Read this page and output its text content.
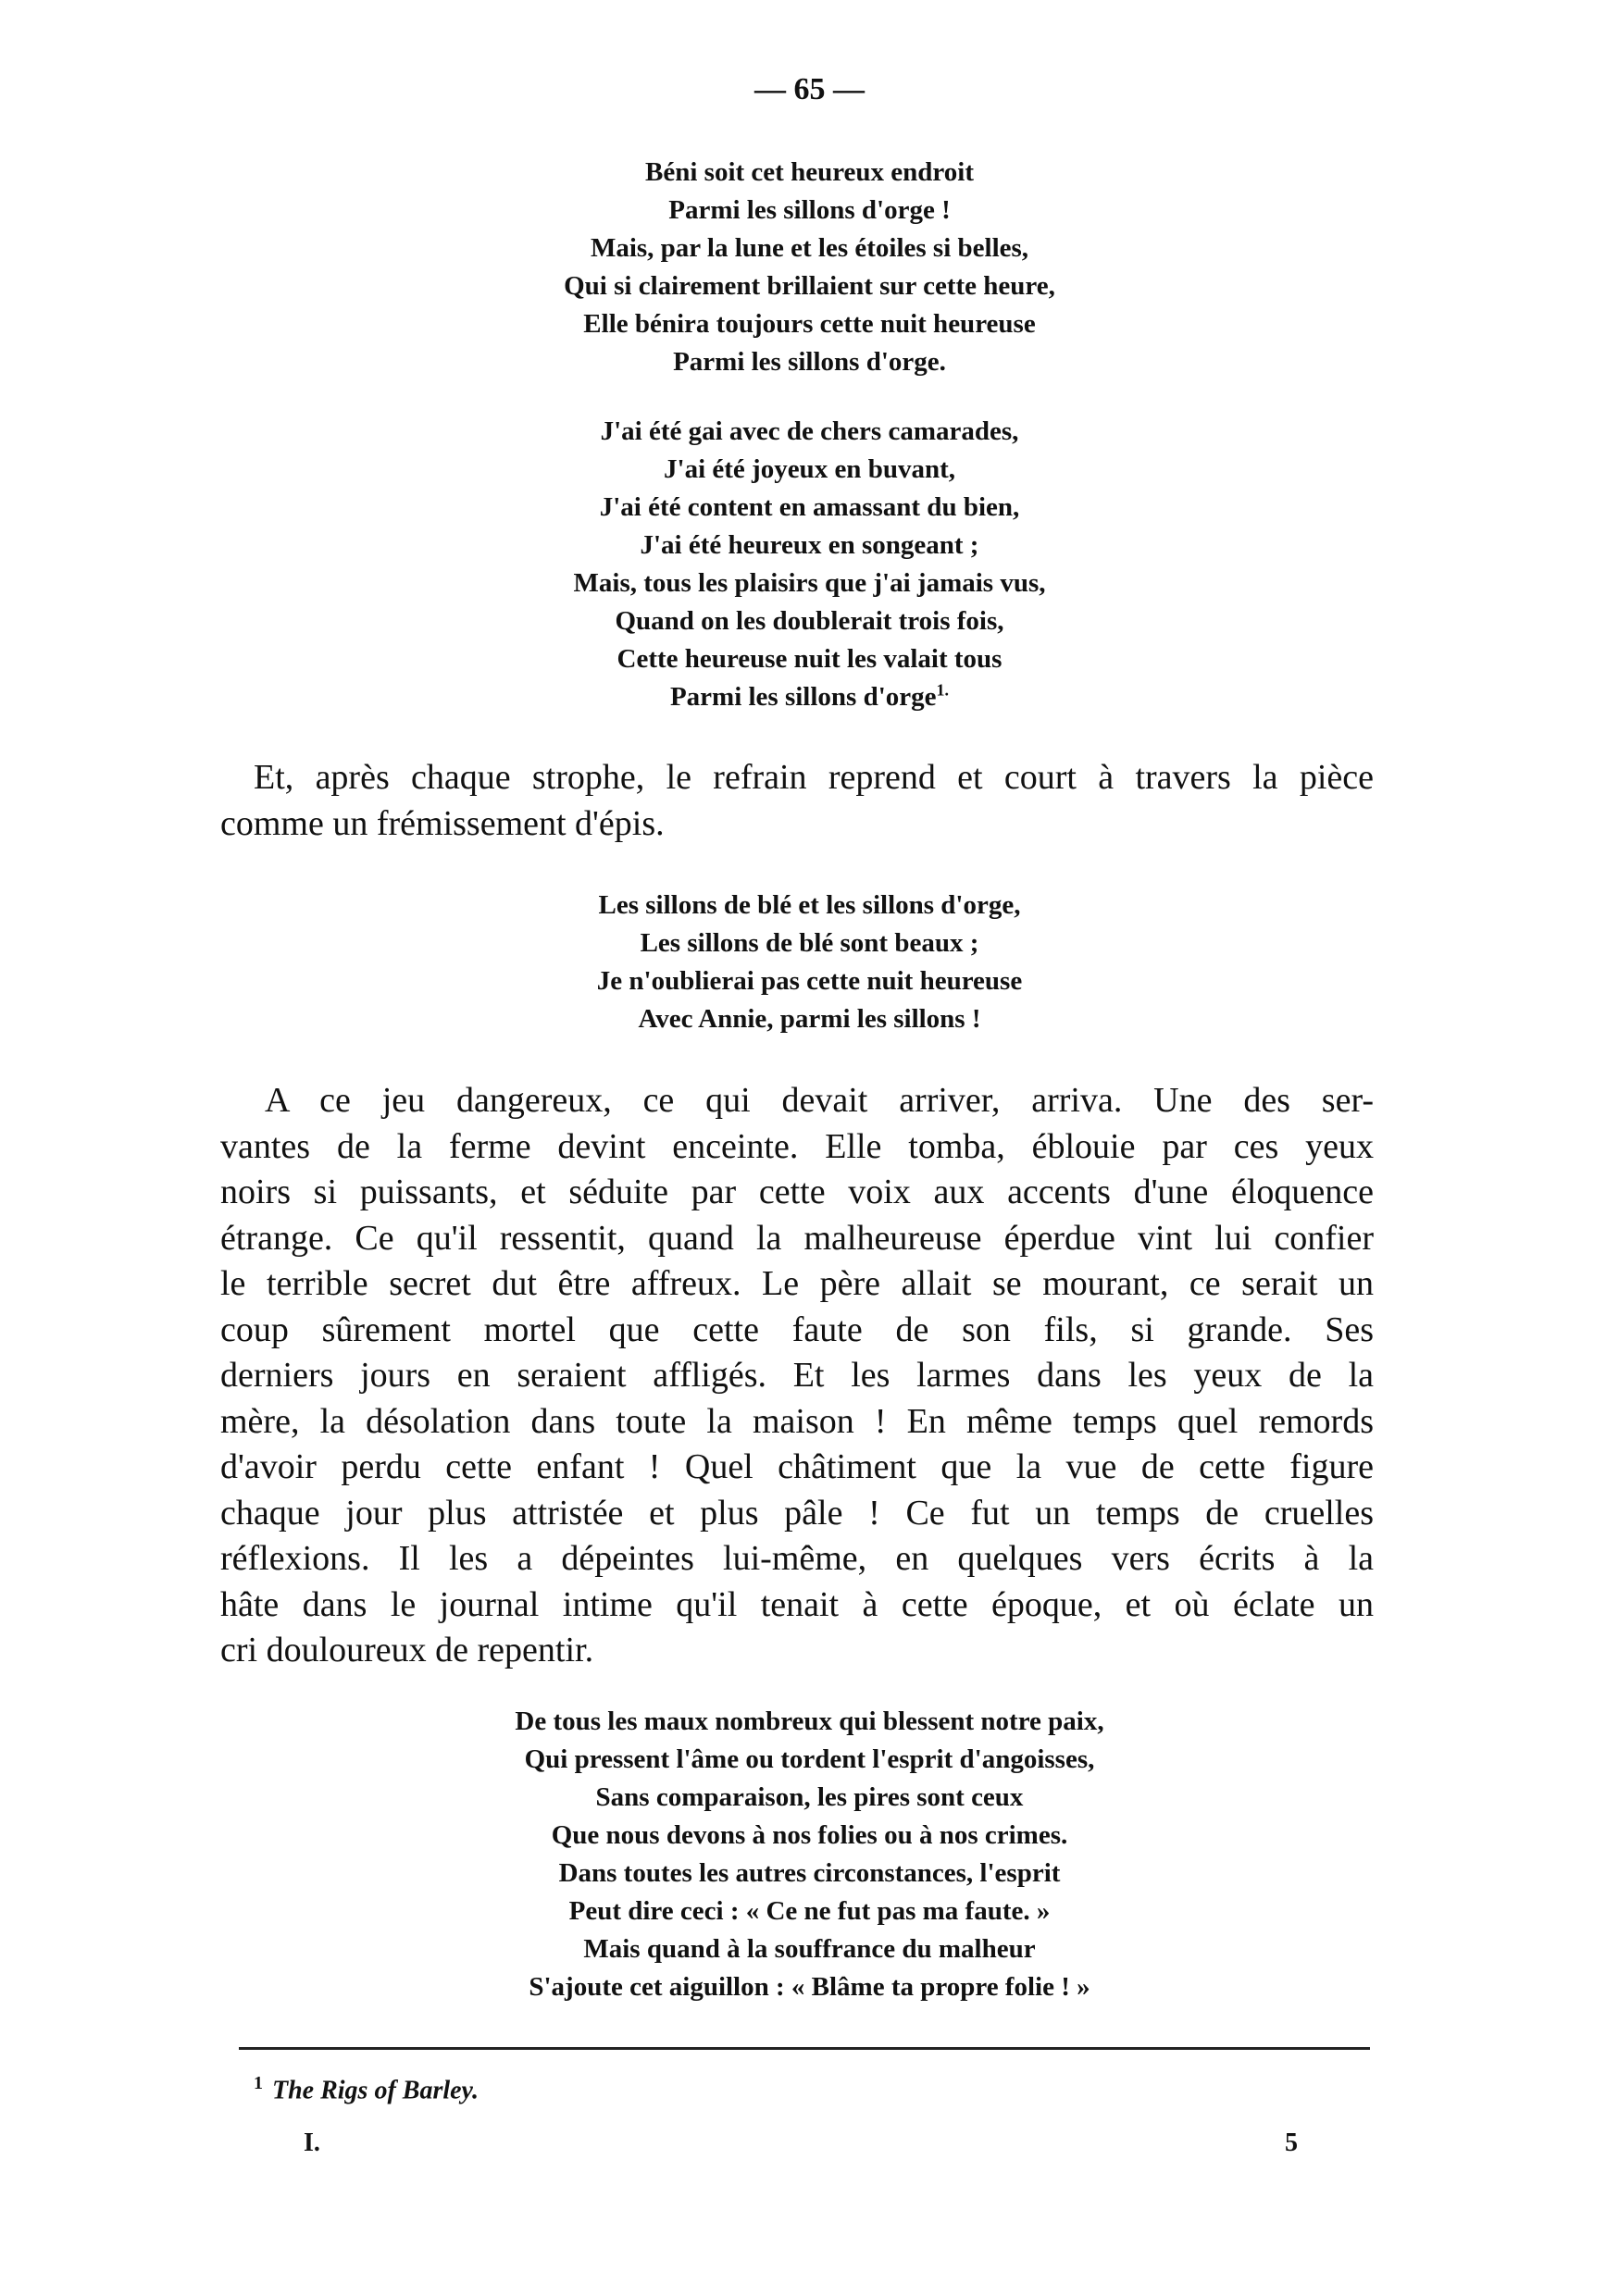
— 65 —
Béni soit cet heureux endroit
Parmi les sillons d'orge !
Mais, par la lune et les étoiles si belles,
Qui si clairement brillaient sur cette heure,
Elle bénira toujours cette nuit heureuse
Parmi les sillons d'orge.
J'ai été gai avec de chers camarades,
J'ai été joyeux en buvant,
J'ai été content en amassant du bien,
J'ai été heureux en songeant ;
Mais, tous les plaisirs que j'ai jamais vus,
Quand on les doublerait trois fois,
Cette heureuse nuit les valait tous
Parmi les sillons d'orge$^{1.}$
Et, après chaque strophe, le refrain reprend et court à travers la pièce
comme un frémissement d'épis.
Les sillons de blé et les sillons d'orge,
Les sillons de blé sont beaux ;
Je n'oublierai pas cette nuit heureuse
Avec Annie, parmi les sillons !
A ce jeu dangereux, ce qui devait arriver, arriva. Une des ser-
vantes de la ferme devint enceinte. Elle tomba, éblouie par ces yeux
noirs si puissants, et séduite par cette voix aux accents d'une éloquence
étrange. Ce qu'il ressentit, quand la malheureuse éperdue vint lui confier
le terrible secret dut être affreux. Le père allait se mourant, ce serait un
coup sûrement mortel que cette faute de son fils, si grande. Ses
derniers jours en seraient affligés. Et les larmes dans les yeux de la
mère, la désolation dans toute la maison ! En même temps quel remords
d'avoir perdu cette enfant ! Quel châtiment que la vue de cette figure
chaque jour plus attristée et plus pâle ! Ce fut un temps de cruelles
réflexions. Il les a dépeintes lui-même, en quelques vers écrits à la
hâte dans le journal intime qu'il tenait à cette époque, et où éclate un
cri douloureux de repentir.
De tous les maux nombreux qui blessent notre paix,
Qui pressent l'âme ou tordent l'esprit d'angoisses,
Sans comparaison, les pires sont ceux
Que nous devons à nos folies ou à nos crimes.
Dans toutes les autres circonstances, l'esprit
Peut dire ceci : « Ce ne fut pas ma faute. »
Mais quand à la souffrance du malheur
S'ajoute cet aiguillon : « Blâme ta propre folie ! »
$^1$ The Rigs of Barley.
I.	5
